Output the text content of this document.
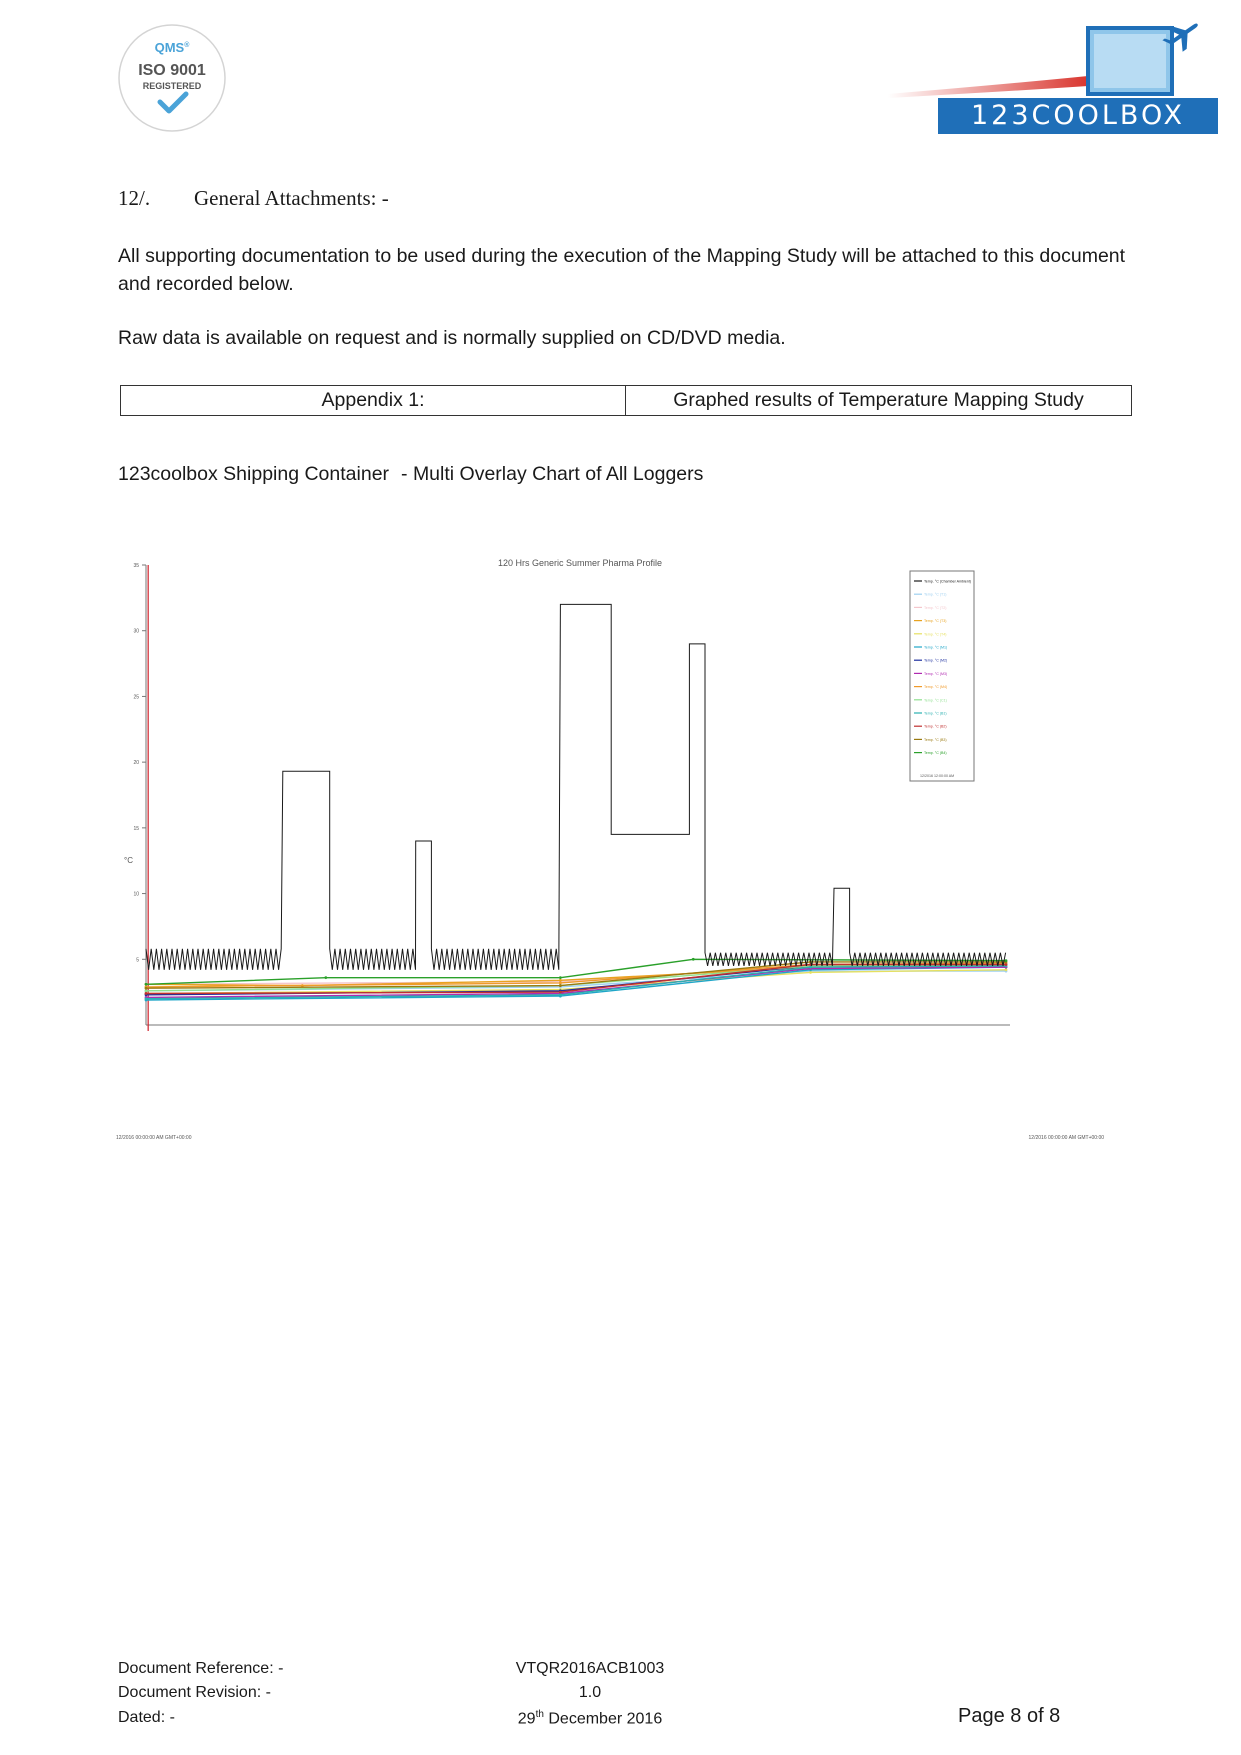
QMS®
ISO 9001
REGISTERED
123COOLBOX
12/. General Attachments: -
All supporting documentation to be used during the execution of the Mapping Study will be attached to this document and recorded below.
Raw data is available on request and is normally supplied on CD/DVD media.
Appendix 1:	Graphed results of Temperature Mapping Study
123coolbox Shipping Container - Multi Overlay Chart of All Loggers
120 Hrs Generic Summer Pharma Profile
°C
5
10
15
20
25
30
35
Temp. °C (Chamber Ambient)
Temp. °C (T1)
Temp. °C (T2)
Temp. °C (T3)
Temp. °C (T4)
Temp. °C (M1)
Temp. °C (M2)
Temp. °C (M3)
Temp. °C (M4)
Temp. °C (C1)
Temp. °C (B1)
Temp. °C (B2)
Temp. °C (B3)
Temp. °C (B4)
12/2016 12:00:00 AM
12/2016 00:00:00 AM GMT+00:00	12/2016 00:00:00 AM GMT+00:00
Document Reference: -	VTQR2016ACB1003
Document Revision: -	1.0
Dated: -	29th December 2016	Page 8 of 8
